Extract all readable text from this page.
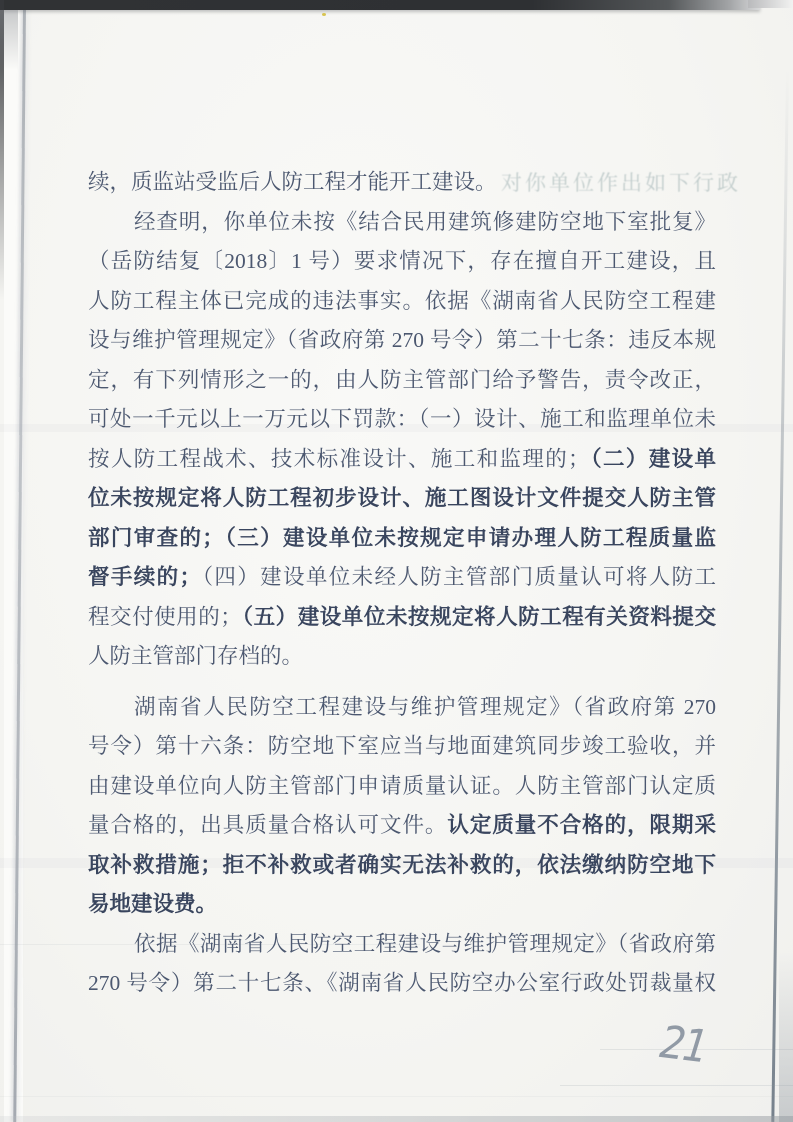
对你单位作出如下行政
续，质监站受监后人防工程才能开工建设。
经查明，你单位未按《结合民用建筑修建防空地下室批复》
（岳防结复〔2018〕1 号）要求情况下，存在擅自开工建设，且
人防工程主体已完成的违法事实。依据《湖南省人民防空工程建
设与维护管理规定》（省政府第 270 号令）第二十七条：违反本规
定，有下列情形之一的，由人防主管部门给予警告，责令改正，
可处一千元以上一万元以下罚款：（一）设计、施工和监理单位未
按人防工程战术、技术标准设计、施工和监理的；（二）建设单
位未按规定将人防工程初步设计、施工图设计文件提交人防主管
部门审查的；（三）建设单位未按规定申请办理人防工程质量监
督手续的；（四）建设单位未经人防主管部门质量认可将人防工
程交付使用的；（五）建设单位未按规定将人防工程有关资料提交
人防主管部门存档的。
湖南省人民防空工程建设与维护管理规定》（省政府第 270
号令）第十六条：防空地下室应当与地面建筑同步竣工验收，并
由建设单位向人防主管部门申请质量认证。人防主管部门认定质
量合格的，出具质量合格认可文件。认定质量不合格的，限期采
取补救措施；拒不补救或者确实无法补救的，依法缴纳防空地下
易地建设费。
依据《湖南省人民防空工程建设与维护管理规定》（省政府第
270 号令）第二十七条、《湖南省人民防空办公室行政处罚裁量权
21
